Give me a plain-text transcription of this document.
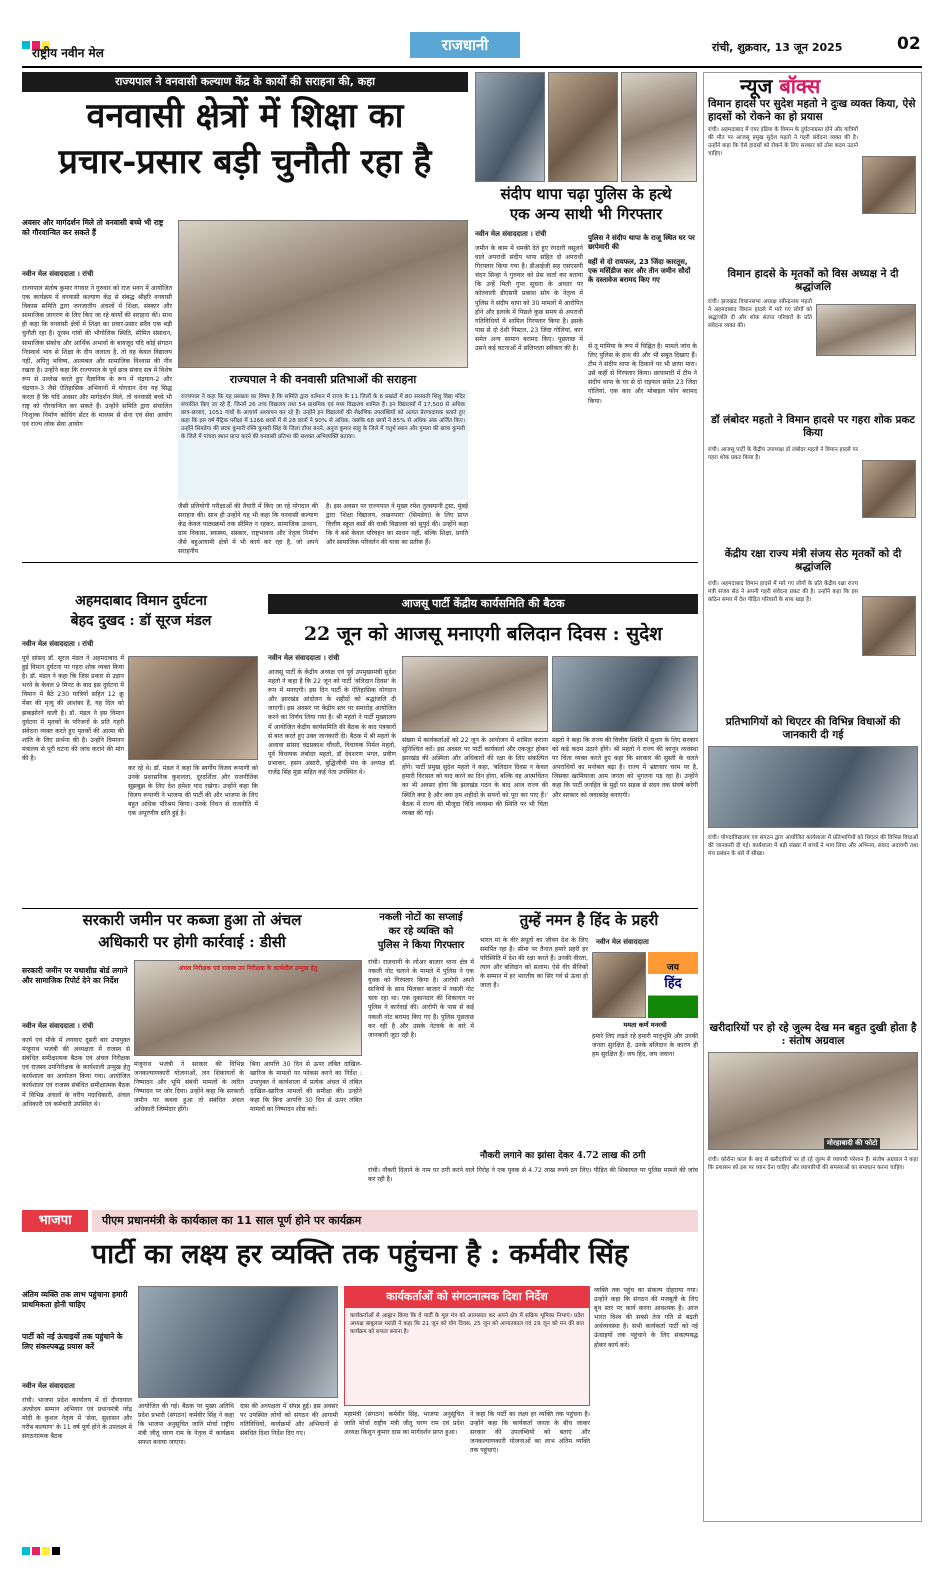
राष्ट्रीय नवीन मेल	राजधानी	रांची, शुक्रवार, 13 जून 2025	02
राज्यपाल ने वनवासी कल्याण केंद्र के कार्यों की सराहना की, कहा
वनवासी क्षेत्रों में शिक्षा का
प्रचार-प्रसार बड़ी चुनौती रहा है
अवसर और मार्गदर्शन मिले तो वनवासी बच्चे भी राष्ट्र को गौरवान्वित कर सकते हैं
नवीन मेल संवाददाता । रांची
राज्यपाल संतोष कुमार गंगवार ने गुरुवार को राज भवन में आयोजित एक कार्यक्रम में वनवासी कल्याण केंद्र से संबद्ध श्रीहरि वनवासी विकास समिति द्वारा जनजातीय अंचलों में शिक्षा, संस्कार और सामाजिक जागरण के लिए किए जा रहे कार्यों की सराहना की। साथ ही कहा कि वनवासी क्षेत्रों में शिक्षा का प्रचार-प्रसार सदैव एक बड़ी चुनौती रहा है। दूरस्थ गांवों की भौगोलिक स्थिति, सीमित संसाधन, सामाजिक संकोच और आर्थिक अभावों के बावजूद यदि कोई संगठन निःस्वार्थ भाव से शिक्षा के दीप जलाता है, तो वह केवल विद्यालय नहीं, अपितु भविष्य, आत्मबल और सामाजिक विश्वास की नींव रखता है। उन्होंने कहा कि राज्यपाल के पूर्व छात्र संवाद सत्र में विशेष रूप से उल्लेख करते हुए वैज्ञानिक के रूप में चंद्रयान-2 और चंद्रयान-3 जैसे ऐतिहासिक अभियानों में योगदान देना यह सिद्ध करता है कि यदि अवसर और मार्गदर्शन मिले, तो वनवासी बच्चे भी राष्ट्र को गौरवान्वित कर सकते हैं। उन्होंने समिति द्वारा संचालित निःशुल्क निर्माण कोचिंग सेंटर के माध्यम से सेना एवं सेवा आयोग एवं राज्य लोक सेवा आयोग
राज्यपाल ने की वनवासी प्रतिभाओं की सराहना
राज्यपाल ने कहा कि यह प्रसन्नता का विषय है कि समिति द्वारा वर्तमान में राज्य के 11 जिलों के 6 प्रखंडों में 80 सरस्वती शिशु विद्या मंदिर संचालित किए जा रहे हैं, जिनमें 26 उच्च विद्यालय तथा 54 प्राथमिक एवं मध्य विद्यालय शामिल हैं। इन विद्यालयों में 17,500 से अधिक छात्र-छात्राएं, 1051 गांवों के आचार्य अध्यापन कर रहे हैं। उन्होंने इन विद्यालयों की शैक्षणिक उपलब्धियों को अत्यंत प्रेरणादायक बताते हुए कहा कि इस वर्ष मैट्रिक परीक्षा में 1266 छात्रों में से 28 छात्रों ने 90% से अधिक, जबकि 68 छात्रों ने 85% से अधिक अंक अर्जित किए। उन्होंने सिमडेगा की छात्रा कुमारी रश्मि कुमारी सिंह के जिला टॉपर बनने, अनुज कुमार साहू के जिले में चतुर्थ स्थान और गुमला की छात्रा कुमारी के जिले में पांचवा स्थान प्राप्त करने की वनवासी प्रतिभा की सशक्त अभिव्यक्ति बताया।
जैसी प्रतियोगी परीक्षाओं की तैयारी में किए जा रहे योगदान की सराहना की। साथ ही उन्होंने यह भी कहा कि वनवासी कल्याण केंद्र केवल पाठ्यक्रमों तक सीमित न रहकर, सामाजिक उत्थान, ग्राम विकास, स्वास्थ्य, संस्कार, राष्ट्रभावना और नेतृत्व निर्माण जैसे बहुआयामी क्षेत्रों में भी कार्य कर रहा है, जो अपने सराहनीय
है। इस अवसर पर राज्यपाल ने मुख्य रमेश तुलस्यानी ट्रस्ट, मुंबई द्वारा 'शिक्षा विद्यालय, लखनपारा' (सिमडेगा) के लिए प्राप्त वित्तीय स्कूल बसों की चाबी विद्यालय को सुपुर्द की। उन्होंने कहा कि ये बसें केवल परिवहन का साधन नहीं, बल्कि शिक्षा, प्रगति और सामाजिक परिवर्तन की यात्रा का प्रतीक हैं।
संदीप थापा चढ़ा पुलिस के हत्थे
एक अन्य साथी भी गिरफ्तार
नवीन मेल संवाददाता । रांची
जमीन के काम में धमकी देते हुए रंगदारी वसूलने वाले अपराधी संदीप थापा सहित दो अपराधी गिरफ्तार किया गया है। डीआईजी सह एसएसपी चंदन सिन्हा ने गुरुवार को प्रेस वार्ता कर बताया कि उन्हें मिली गुप्त सूचना के आधार पर कोतवाली डीएसपी प्रकाश सोय के नेतृत्व में पुलिस ने संदीप थापा को 30 मामलों में आरोपित होने और इलाके में पिछले कुछ समय से अपराधी गतिविधियों में शामिल गिरफ्तार किया है। इसके पास से दो देशी पिस्टल, 23 जिंदा गोलियां, कार समेत अन्य सामान बरामद किए। पूछताछ में उसने कई घटनाओं में संलिप्तता स्वीकार की है।
पुलिस ने संदीप थापा के राजू स्थित घर पर छापेमारी की
वहीं से दो रायफल, 23 जिंदा कारतूस, एक मर्सिडीज कार और तीन जमीन सौदों के दस्तावेज बरामद किए गए
से तू मामिया के रूप में चिह्नित है। मामले जांच के लिए पुलिस के हाथ की और भी सबूत दिखाए हैं। टीम ने संदीप थापा के ठिकाने पर भी छापा मारा। उसे कहीं से गिरफ्तार किया। छापामारी में टीम ने संदीप थापा के घर से दो राइफल समेत 23 जिंदा गोलियां, एक कार और मोबाइल फोन बरामद किया।
न्यूज बॉक्स
विमान हादसे पर सुदेश महतो ने दुःख व्यक्त किया, ऐसे हादसों को रोकने का हो प्रयास
रांची। अहमदाबाद में एयर इंडिया के विमान के दुर्घटनाग्रस्त होने और यात्रियों की मौत पर आजसू प्रमुख सुदेश महतो ने गहरी संवेदना व्यक्त की है। उन्होंने कहा कि ऐसे हादसों को रोकने के लिए सरकार को ठोस कदम उठाने चाहिए।
विमान हादसे के मृतकों को विस अध्यक्ष ने दी श्रद्धांजलि
रांची। झारखंड विधानसभा अध्यक्ष रबीन्द्रनाथ महतो ने अहमदाबाद विमान हादसे में मारे गए लोगों को श्रद्धांजलि दी और शोक संतप्त परिवारों के प्रति संवेदना व्यक्त की।
डॉ लंबोदर महतो ने विमान हादसे पर गहरा शोक प्रकट किया
रांची। आजसू पार्टी के केंद्रीय उपाध्यक्ष डॉ लंबोदर महतो ने विमान हादसे पर गहरा शोक प्रकट किया है।
केंद्रीय रक्षा राज्य मंत्री संजय सेठ मृतकों को दी श्रद्धांजलि
रांची। अहमदाबाद विमान हादसे में मारे गए लोगों के प्रति केंद्रीय रक्षा राज्य मंत्री संजय सेठ ने अपनी गहरी संवेदना प्रकट की है। उन्होंने कहा कि इस कठिन समय में देश पीड़ित परिवारों के साथ खड़ा है।
प्रतिभागियों को थिएटर की विभिन्न विधाओं की जानकारी दी गई
रांची। योगदाविद्यालय एवं संगठन द्वारा आयोजित कार्यशाला में प्रतिभागियों को थिएटर की विभिन्न विधाओं की जानकारी दी गई। कार्यशाला में बड़ी संख्या में बच्चों ने भाग लिया और अभिनय, संवाद अदायगी तथा मंच प्रबंधन के बारे में सीखा।
खरीदारियों पर हो रहे जुल्म देख मन बहुत दुखी होता है : संतोष अग्रवाल
मोरहाबादी की फोटो
रांची। कोरोना काल के बाद से खरीदारियों पर हो रहे जुल्म से व्यापारी परेशान हैं। संतोष अग्रवाल ने कहा कि प्रशासन को इस पर ध्यान देना चाहिए और व्यापारियों की समस्याओं का समाधान करना चाहिए।
अहमदाबाद विमान दुर्घटना
बेहद दुखद : डॉ सूरज मंडल
नवीन मेल संवाददाता । रांची
पूर्व सांसद डॉ. सूरज मंडल ने अहमदाबाद में हुई विमान दुर्घटना पर गहरा शोक व्यक्त किया है। डॉ. मंडल ने कहा कि जिस प्रकार से उड़ान भरने के केवल 9 मिनट के बाद इस दुर्घटना में विमान में बैठे 230 यात्रियों सहित 12 क्रू मेंबर की मृत्यु की आशंका है, यह दिल को झकझोरने वाली है। डॉ. मंडल ने इस विमान दुर्घटना में मृतकों के परिजनों के प्रति गहरी संवेदना व्यक्त करते हुए मृतकों की आत्मा की शांति के लिए प्रार्थना की है। उन्होंने विमानन मंत्रालय से पूरी घटना की जांच कराने की मांग की है।
कर रहे थे। डॉ. मंडल ने कहा कि स्वर्गीय विजय रूपाणी को उनके प्रशासनिक कुशलता, दूरदर्शिता और राजनीतिक सूझबूझ के लिए देश हमेशा याद रखेगा। उन्होंने कहा कि विजय रूपाणी ने भाजपा की पार्टी की और भाजपा के लिए बहुत अधिक परिश्रम किया। उनके निधन से राजनीति में एक अपूरणीय क्षति हुई है।
आजसू पार्टी केंद्रीय कार्यसमिति की बैठक
22 जून को आजसू मनाएगी बलिदान दिवस : सुदेश
नवीन मेल संवाददाता । रांची
आजसू पार्टी के केंद्रीय अध्यक्ष एवं पूर्व उपमुख्यमंत्री सुदेश महतो ने कहा है कि 22 जून को पार्टी 'बलिदान दिवस' के रूप में मनाएगी। इस दिन पार्टी के ऐतिहासिक योगदान और झारखंड आंदोलन के शहीदों को श्रद्धांजलि दी जाएगी। इस अवसर पर केंद्रीय स्तर पर समारोह आयोजित करने का निर्णय लिया गया है। श्री महतो ने पार्टी मुख्यालय में आयोजित केंद्रीय कार्यसमिति की बैठक के बाद पत्रकारों से बात करते हुए उक्त जानकारी दी। बैठक में श्री महतो के अलावा सांसद चंद्रप्रकाश चौधरी, विधायक निर्मल महतो, पूर्व विधायक लंबोदर महतो, डॉ देवशरण भगत, प्रवीण प्रभाकर, हसन अंसारी, बुद्धिजीवी मंच के अध्यक्ष डॉ. राजेंद्र सिंह मुंडा सहित कई नेता उपस्थित थे।
संख्या में कार्यकर्ताओं को 22 जून के आयोजन में शामिल कराना सुनिश्चित करें। इस अवसर पर पार्टी कार्यकर्ता और एकजुट होकर झारखंड की अस्मिता और अधिकारों की रक्षा के लिए संकल्पित होंगे। पार्टी प्रमुख सुदेश महतो ने कहा, 'बलिदान दिवस न केवल हमारी विरासत को याद करने का दिन होगा, बल्कि यह आत्मचिंतन का भी अवसर होगा कि झारखंड गठन के बाद आज राज्य की स्थिति क्या है और क्या हम शहीदों के सपनों को पूरा कर पाए हैं।' बैठक में राज्य की मौजूदा विधि व्यवस्था की स्थिति पर भी चिंता व्यक्त की गई।
महतो ने कहा कि राज्य की वित्तीय स्थिति में सुधार के लिए सरकार को कड़े कदम उठाने होंगे। श्री महतो ने राज्य की कानून व्यवस्था पर चिंता व्यक्त करते हुए कहा कि सरकार की सुस्ती के चलते अपराधियों का मनोबल बढ़ा है। राज्य में भ्रष्टाचार चरम पर है, जिसका खामियाजा आम जनता को भुगतना पड़ रहा है। उन्होंने कहा कि पार्टी जनहित के मुद्दों पर सड़क से सदन तक संघर्ष करेगी और सरकार को जवाबदेह बनाएगी।
सरकारी जमीन पर कब्जा हुआ तो अंचल
अधिकारी पर होगी कार्रवाई : डीसी
सरकारी जमीन पर यथाशीघ्र बोर्ड लगाने और सामाजिक रिपोर्ट देने का निर्देश
नवीन मेल संवाददाता । रांची
कार्य एवं मौके में लगवाए दूसरी बार उपायुक्त मंजूनाथ भजंत्री की अध्यक्षता में राजस्व से संबंधित समीक्षात्मक बैठक एवं अंचल निरीक्षक एवं राजस्व उपनिरीक्षक के कार्यशाली उन्मुख हेतु कार्यशाला का आयोजन किया गया। आयोजित कार्यशाला एवं राजस्व संबंधित समीक्षात्मक बैठक में विभिन्न अंचलों के वरीय पदाधिकारी, अंचल अधिकारी एवं कर्मचारी उपस्थित थे।
अंचल निरीक्षक एवं राजस्व उप निरीक्षक के कार्यशील उन्मुख हेतु
मंजूनाथ भजंत्री ने सरकार की विभिन्न जनकल्याणकारी योजनाओं, जन शिकायतों के निष्पादन और भूमि संबंधी मामलों के त्वरित निष्पादन पर जोर दिया। उन्होंने कहा कि सरकारी जमीन पर कब्जा हुआ तो संबंधित अंचल अधिकारी जिम्मेदार होंगे।
बिना आपत्ति 30 दिन से ऊपर लंबित दाखिल-खारिज के मामलों पर फोकस करने का निर्देश : उपायुक्त ने कार्यशाला में प्रत्येक अंचल में लंबित दाखिल-खारिज मामलों की समीक्षा की। उन्होंने कहा कि बिना आपत्ति 30 दिन से ऊपर लंबित मामलों का निष्पादन शीघ्र करें।
नकली नोटों का सप्लाई
कर रहे व्यक्ति को
पुलिस ने किया गिरफ्तार
रांची। राजधानी के लोअर बाजार थाना क्षेत्र में नकली नोट चलाने के मामले में पुलिस ने एक युवक को गिरफ्तार किया है। आरोपी अपने साथियों के साथ मिलकर बाजार में नकली नोट चला रहा था। एक दुकानदार की शिकायत पर पुलिस ने कार्रवाई की। आरोपी के पास से कई नकली नोट बरामद किए गए हैं। पुलिस पूछताछ कर रही है और उसके नेटवर्क के बारे में जानकारी जुटा रही है।
तुम्हें नमन है हिंद के प्रहरी
नवीन मेल संवाददाता
भारत मां के वीर सपूतों का जीवन देश के लिए समर्पित रहा है। सीमा पर तैनात हमारे प्रहरी हर परिस्थिति में देश की रक्षा करते हैं। उनकी वीरता, त्याग और बलिदान को सलाम। ऐसे वीर सैनिकों के सम्मान में हर भारतीय का सिर गर्व से ऊंचा हो जाता है।
जय
हिंद
ममता कर्ण मनरथी
हमारे लिए लड़ते रहे हमारी मातृभूमि और उनकी जनता सुरक्षित है, उनके बलिदान के कारण ही हम सुरक्षित हैं। जय हिंद, जय जवान!
नौकरी लगाने का झांसा देकर 4.72 लाख की ठगी
रांची। नौकरी दिलाने के नाम पर ठगी करने वाले गिरोह ने एक युवक से 4.72 लाख रुपये ठग लिए। पीड़ित की शिकायत पर पुलिस मामले की जांच कर रही है।
भाजपा	पीएम प्रधानमंत्री के कार्यकाल का 11 साल पूर्ण होने पर कार्यक्रम
पार्टी का लक्ष्य हर व्यक्ति तक पहुंचना है : कर्मवीर सिंह
अंतिम व्यक्ति तक लाभ पहुंचाना हमारी प्राथमिकता होनी चाहिए
पार्टी को नई ऊंचाइयों तक पहुंचाने के लिए संकल्पबद्ध प्रयास करें
नवीन मेल संवाददाता
रांची। भाजपा प्रदेश कार्यालय में दो दीनदयाल अंत्योदय सम्मान अभियान एवं प्रधानमंत्री नरेंद्र मोदी के कुशल नेतृत्व में 'सेवा, सुशासन और गरीब कल्याण' के 11 वर्ष पूर्ण होने के उपलक्ष्य में संगठनात्मक बैठक
आयोजित की गई। बैठक पर मुख्य अतिथि प्रदेश प्रभारी (संगठन) कर्मवीर सिंह ने कहा कि भाजपा अनुसूचित जाति मोर्चा राष्ट्रीय मंत्री जीतू चरण राम के नेतृत्व में कार्यक्रम सफल बनाया जाएगा।
दास की अध्यक्षता में संपन्न हुई। इस अवसर पर उपस्थित लोगों को संगठन की आगामी गतिविधियों, कार्यक्रमों और अभियानों से संबंधित दिशा निर्देश दिए गए।
कार्यकर्ताओं को संगठनात्मक दिशा निर्देश
कार्यकर्ताओं से आह्वान किया कि वे पार्टी के मूल मंत्र को आत्मसात कर अपने क्षेत्र में सक्रिय भूमिका निभाएं। प्रदेश अध्यक्ष बाबूलाल मरांडी ने कहा कि 21 जून को योग दिवस, 25 जून को आपातकाल एवं 29 जून को मन की बात कार्यक्रम को सफल बनाना है।
महामंत्री (संगठन) कर्मवीर सिंह, भाजपा अनुसूचित जाति मोर्चा राष्ट्रीय मंत्री जीतू चरण राम एवं प्रदेश अध्यक्ष किशुन कुमार दास का मार्गदर्शन प्राप्त हुआ।
ने कहा कि पार्टी का लक्ष्य हर व्यक्ति तक पहुंचना है। उन्होंने कहा कि कार्यकर्ता जनता के बीच जाकर सरकार की उपलब्धियों को बताएं और जनकल्याणकारी योजनाओं का लाभ अंतिम व्यक्ति तक पहुंचाएं।
व्यक्ति तक पहुंच का संकल्प दोहराया गया। उन्होंने कहा कि संगठन की मजबूती के लिए बूथ स्तर पर कार्य करना आवश्यक है। आज भारत विश्व की सबसे तेज गति से बढ़ती अर्थव्यवस्था है। सभी कार्यकर्ता पार्टी को नई ऊंचाइयों तक पहुंचाने के लिए संकल्पबद्ध होकर कार्य करें।
